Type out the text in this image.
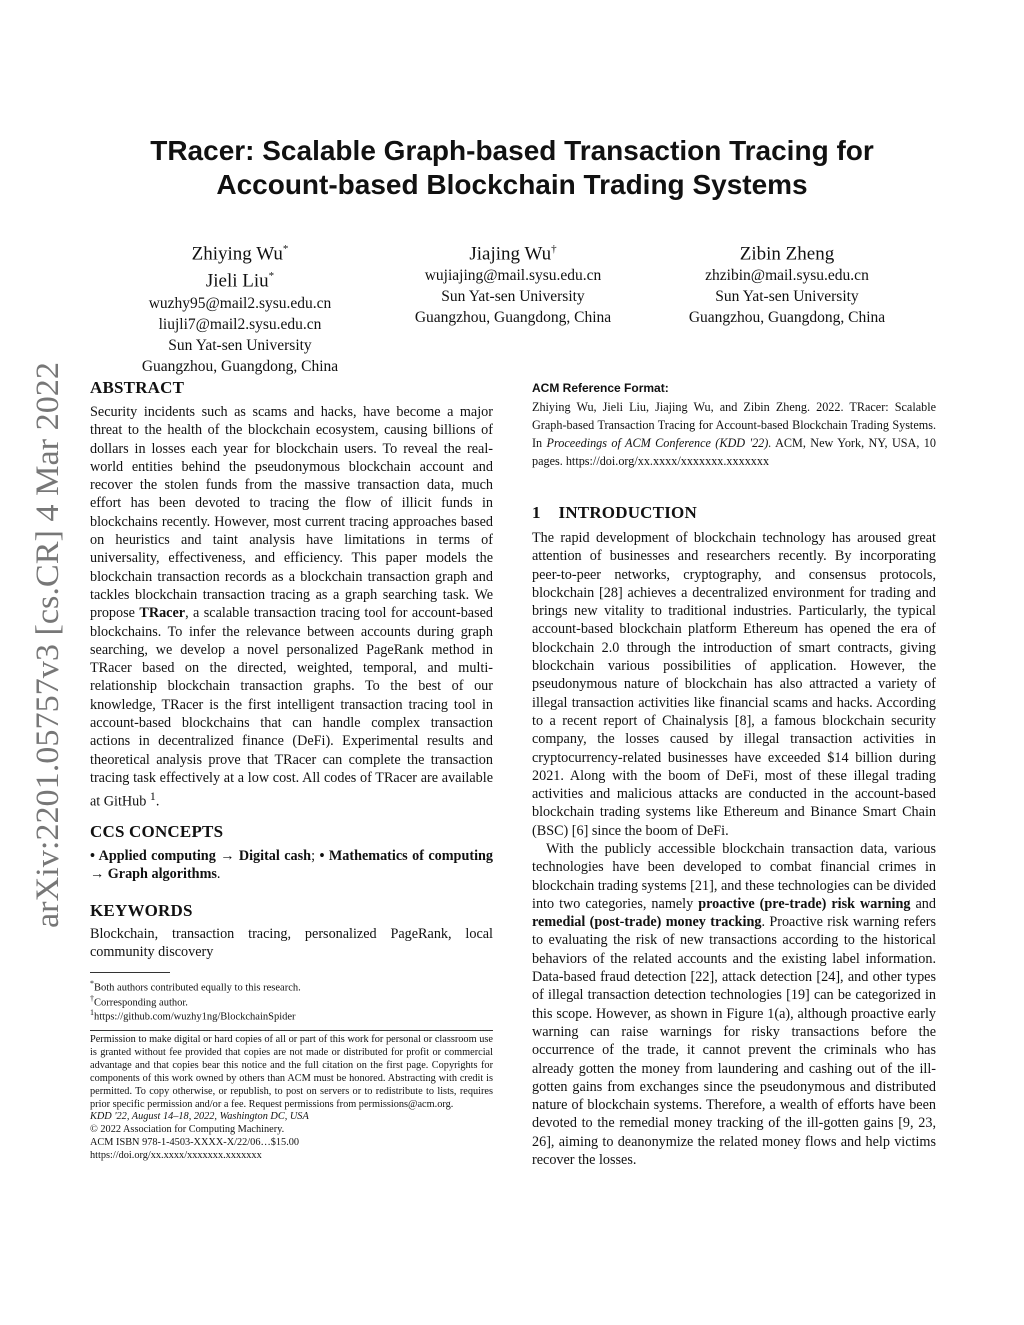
arXiv:2201.05757v3 [cs.CR] 4 Mar 2022
TRacer: Scalable Graph-based Transaction Tracing for
Account-based Blockchain Trading Systems
Zhiying Wu*
Jieli Liu*
wuzhy95@mail2.sysu.edu.cn
liujli7@mail2.sysu.edu.cn
Sun Yat-sen University
Guangzhou, Guangdong, China
Jiajing Wu†
wujiajing@mail.sysu.edu.cn
Sun Yat-sen University
Guangzhou, Guangdong, China
Zibin Zheng
zhzibin@mail.sysu.edu.cn
Sun Yat-sen University
Guangzhou, Guangdong, China
ABSTRACT

Security incidents such as scams and hacks, have become a major threat to the health of the blockchain ecosystem, causing billions of dollars in losses each year for blockchain users. To reveal the real-world entities behind the pseudonymous blockchain account and recover the stolen funds from the massive transaction data, much effort has been devoted to tracing the flow of illicit funds in blockchains recently. However, most current tracing approaches based on heuristics and taint analysis have limitations in terms of universality, effectiveness, and efficiency. This paper models the blockchain transaction records as a blockchain transaction graph and tackles blockchain transaction tracing as a graph searching task. We propose TRacer, a scalable transaction tracing tool for account-based blockchains. To infer the relevance between accounts during graph searching, we develop a novel personalized PageRank method in TRacer based on the directed, weighted, temporal, and multi-relationship blockchain transaction graphs. To the best of our knowledge, TRacer is the first intelligent transaction tracing tool in account-based blockchains that can handle complex transaction actions in decentralized finance (DeFi). Experimental results and theoretical analysis prove that TRacer can complete the transaction tracing task effectively at a low cost. All codes of TRacer are available at GitHub $^1$.

CCS CONCEPTS

• Applied computing → Digital cash; • Mathematics of computing → Graph algorithms.

KEYWORDS

Blockchain, transaction tracing, personalized PageRank, local community discovery

*Both authors contributed equally to this research.
†Corresponding author.
$^1$https://github.com/wuzhy1ng/BlockchainSpider
Permission to make digital or hard copies of all or part of this work for personal or classroom use is granted without fee provided that copies are not made or distributed for profit or commercial advantage and that copies bear this notice and the full citation on the first page. Copyrights for components of this work owned by others than ACM must be honored. Abstracting with credit is permitted. To copy otherwise, or republish, to post on servers or to redistribute to lists, requires prior specific permission and/or a fee. Request permissions from permissions@acm.org.
KDD '22, August 14–18, 2022, Washington DC, USA
© 2022 Association for Computing Machinery.
ACM ISBN 978-1-4503-XXXX-X/22/06…$15.00
https://doi.org/xx.xxxx/xxxxxxx.xxxxxxx
ACM Reference Format:
Zhiying Wu, Jieli Liu, Jiajing Wu, and Zibin Zheng. 2022. TRacer: Scalable Graph-based Transaction Tracing for Account-based Blockchain Trading Systems. In Proceedings of ACM Conference (KDD '22). ACM, New York, NY, USA, 10 pages. https://doi.org/xx.xxxx/xxxxxxx.xxxxxxx
1    INTRODUCTION

The rapid development of blockchain technology has aroused great attention of businesses and researchers recently. By incorporating peer-to-peer networks, cryptography, and consensus protocols, blockchain [28] achieves a decentralized environment for trading and brings new vitality to traditional industries. Particularly, the typical account-based blockchain platform Ethereum has opened the era of blockchain 2.0 through the introduction of smart contracts, giving blockchain various possibilities of application. However, the pseudonymous nature of blockchain has also attracted a variety of illegal transaction activities like financial scams and hacks. According to a recent report of Chainalysis [8], a famous blockchain security company, the losses caused by illegal transaction activities in cryptocurrency-related businesses have exceeded $14 billion during 2021. Along with the boom of DeFi, most of these illegal trading activities and malicious attacks are conducted in the account-based blockchain trading systems like Ethereum and Binance Smart Chain (BSC) [6] since the boom of DeFi.

With the publicly accessible blockchain transaction data, various technologies have been developed to combat financial crimes in blockchain trading systems [21], and these technologies can be divided into two categories, namely proactive (pre-trade) risk warning and remedial (post-trade) money tracking. Proactive risk warning refers to evaluating the risk of new transactions according to the historical behaviors of the related accounts and the existing label information. Data-based fraud detection [22], attack detection [24], and other types of illegal transaction detection technologies [19] can be categorized in this scope. However, as shown in Figure 1(a), although proactive early warning can raise warnings for risky transactions before the occurrence of the trade, it cannot prevent the criminals who has already gotten the money from laundering and cashing out of the ill-gotten gains from exchanges since the pseudonymous and distributed nature of blockchain systems. Therefore, a wealth of efforts have been devoted to the remedial money tracking of the ill-gotten gains [9, 23, 26], aiming to deanonymize the related money flows and help victims recover the losses.
